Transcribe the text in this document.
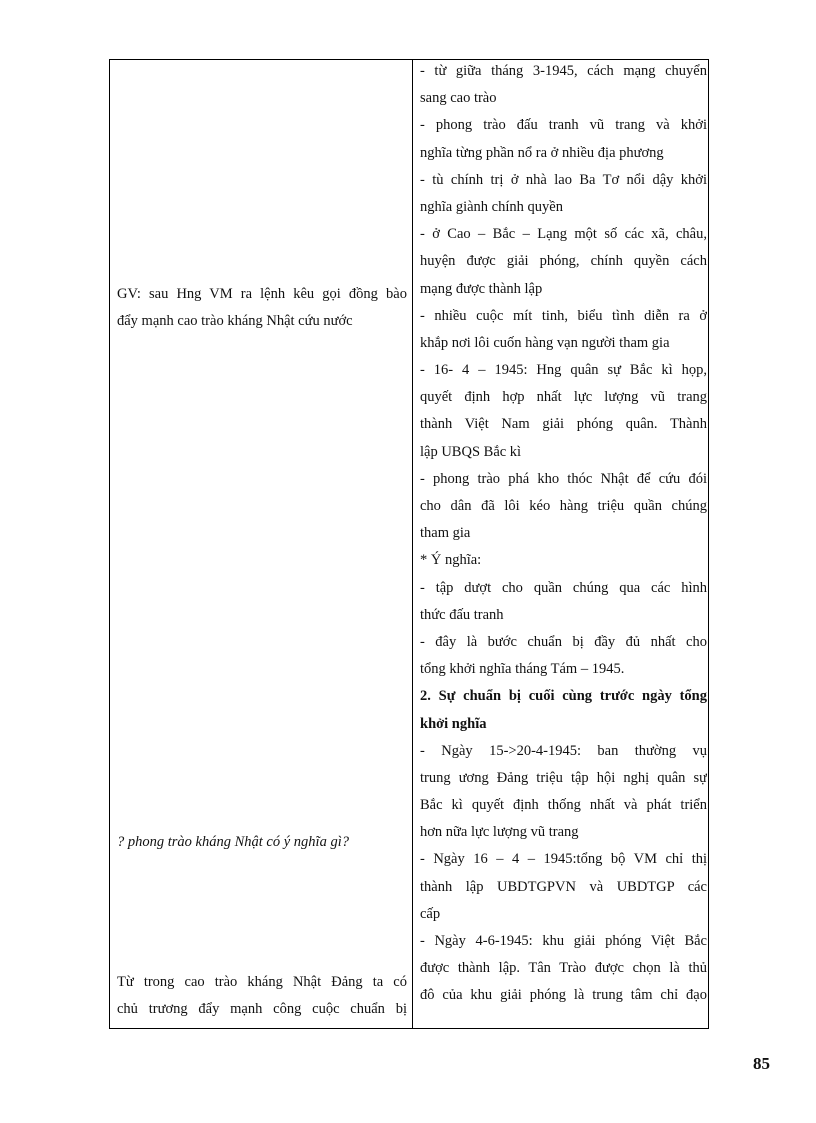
GV: sau Hng VM ra lệnh kêu gọi đồng bào
đẩy mạnh cao trào kháng Nhật cứu nước
? phong trào kháng Nhật có ý nghĩa gì?
Từ trong cao trào kháng Nhật Đảng ta có
chủ trương đẩy mạnh công cuộc chuẩn bị
- từ giữa tháng 3-1945, cách mạng chuyển
sang cao trào
- phong trào đấu tranh vũ trang và khởi
nghĩa từng phần nổ ra ở nhiều địa phương
- tù chính trị ở nhà lao Ba Tơ nổi dậy khởi
nghĩa giành chính quyền
- ở Cao – Bắc – Lạng một số các xã, châu,
huyện được giải phóng, chính quyền cách
mạng được thành lập
- nhiều cuộc mít tinh, biểu tình diễn ra ở
khắp nơi lôi cuốn hàng vạn người tham gia
- 16- 4 – 1945: Hng quân sự Bắc kì họp,
quyết định hợp nhất lực lượng vũ trang
thành Việt Nam giải phóng quân. Thành
lập UBQS Bắc kì
- phong trào phá kho thóc Nhật để cứu đói
cho dân đã lôi kéo hàng triệu quần chúng
tham gia
* Ý nghĩa:
- tập dượt cho quần chúng qua các hình
thức đấu tranh
- đây là bước chuẩn bị đầy đủ nhất cho
tổng khởi nghĩa tháng Tám – 1945.
2. Sự chuẩn bị cuối cùng trước ngày tổng
khởi nghĩa
- Ngày 15->20-4-1945: ban thường vụ
trung ương Đảng triệu tập hội nghị quân sự
Bắc kì quyết định thống nhất và phát triển
hơn nữa lực lượng vũ trang
- Ngày 16 – 4 – 1945:tổng bộ VM chỉ thị
thành lập UBDTGPVN và UBDTGP các
cấp
- Ngày 4-6-1945: khu giải phóng Việt Bắc
được thành lập. Tân Trào được chọn là thủ
đô của khu giải phóng là trung tâm chỉ đạo
85
